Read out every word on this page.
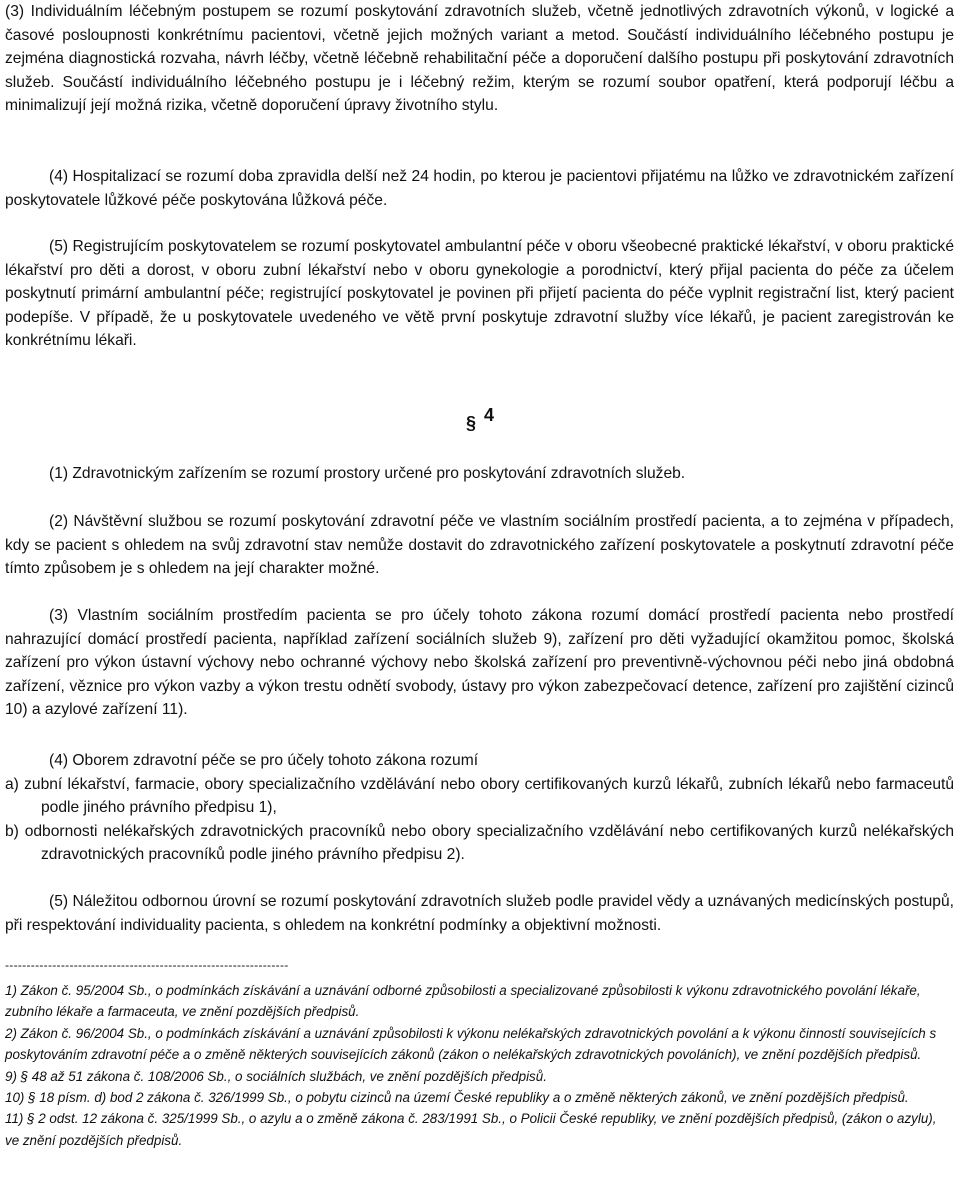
(3) Individuálním léčebným postupem se rozumí poskytování zdravotních služeb, včetně jednotlivých zdravotních výkonů, v logické a časové posloupnosti konkrétnímu pacientovi, včetně jejich možných variant a metod. Součástí individuálního léčebného postupu je zejména diagnostická rozvaha, návrh léčby, včetně léčebně rehabilitační péče a doporučení dalšího postupu při poskytování zdravotních služeb. Součástí individuálního léčebného postupu je i léčebný režim, kterým se rozumí soubor opatření, která podporují léčbu a minimalizují její možná rizika, včetně doporučení úpravy životního stylu.

(4) Hospitalizací se rozumí doba zpravidla delší než 24 hodin, po kterou je pacientovi přijatému na lůžko ve zdravotnickém zařízení poskytovatele lůžkové péče poskytována lůžková péče.

(5) Registrujícím poskytovatelem se rozumí poskytovatel ambulantní péče v oboru všeobecné praktické lékařství, v oboru praktické lékařství pro děti a dorost, v oboru zubní lékařství nebo v oboru gynekologie a porodnictví, který přijal pacienta do péče za účelem poskytnutí primární ambulantní péče; registrující poskytovatel je povinen při přijetí pacienta do péče vyplnit registrační list, který pacient podepíše. V případě, že u poskytovatele uvedeného ve větě první poskytuje zdravotní služby více lékařů, je pacient zaregistrován ke konkrétnímu lékaři.

§ 4

(1) Zdravotnickým zařízením se rozumí prostory určené pro poskytování zdravotních služeb.

(2) Návštěvní službou se rozumí poskytování zdravotní péče ve vlastním sociálním prostředí pacienta, a to zejména v případech, kdy se pacient s ohledem na svůj zdravotní stav nemůže dostavit do zdravotnického zařízení poskytovatele a poskytnutí zdravotní péče tímto způsobem je s ohledem na její charakter možné.

(3) Vlastním sociálním prostředím pacienta se pro účely tohoto zákona rozumí domácí prostředí pacienta nebo prostředí nahrazující domácí prostředí pacienta, například zařízení sociálních služeb 9), zařízení pro děti vyžadující okamžitou pomoc, školská zařízení pro výkon ústavní výchovy nebo ochranné výchovy nebo školská zařízení pro preventivně-výchovnou péči nebo jiná obdobná zařízení, věznice pro výkon vazby a výkon trestu odnětí svobody, ústavy pro výkon zabezpečovací detence, zařízení pro zajištění cizinců 10) a azylové zařízení 11).

(4) Oborem zdravotní péče se pro účely tohoto zákona rozumí

a) zubní lékařství, farmacie, obory specializačního vzdělávání nebo obory certifikovaných kurzů lékařů, zubních lékařů nebo farmaceutů podle jiného právního předpisu 1),

b) odbornosti nelékařských zdravotnických pracovníků nebo obory specializačního vzdělávání nebo certifikovaných kurzů nelékařských zdravotnických pracovníků podle jiného právního předpisu 2).

(5) Náležitou odbornou úrovní se rozumí poskytování zdravotních služeb podle pravidel vědy a uznávaných medicínských postupů, při respektování individuality pacienta, s ohledem na konkrétní podmínky a objektivní možnosti.

------------------------------------------------------------------

1) Zákon č. 95/2004 Sb., o podmínkách získávání a uznávání odborné způsobilosti a specializované způsobilosti k výkonu zdravotnického povolání lékaře, zubního lékaře a farmaceuta, ve znění pozdějších předpisů.

2) Zákon č. 96/2004 Sb., o podmínkách získávání a uznávání způsobilosti k výkonu nelékařských zdravotnických povolání a k výkonu činností souvisejících s poskytováním zdravotní péče a o změně některých souvisejících zákonů (zákon o nelékařských zdravotnických povoláních), ve znění pozdějších předpisů.

9) § 48 až 51 zákona č. 108/2006 Sb., o sociálních službách, ve znění pozdějších předpisů.

10) § 18 písm. d) bod 2 zákona č. 326/1999 Sb., o pobytu cizinců na území České republiky a o změně některých zákonů, ve znění pozdějších předpisů.

11) § 2 odst. 12 zákona č. 325/1999 Sb., o azylu a o změně zákona č. 283/1991 Sb., o Policii České republiky, ve znění pozdějších předpisů, (zákon o azylu), ve znění pozdějších předpisů.
